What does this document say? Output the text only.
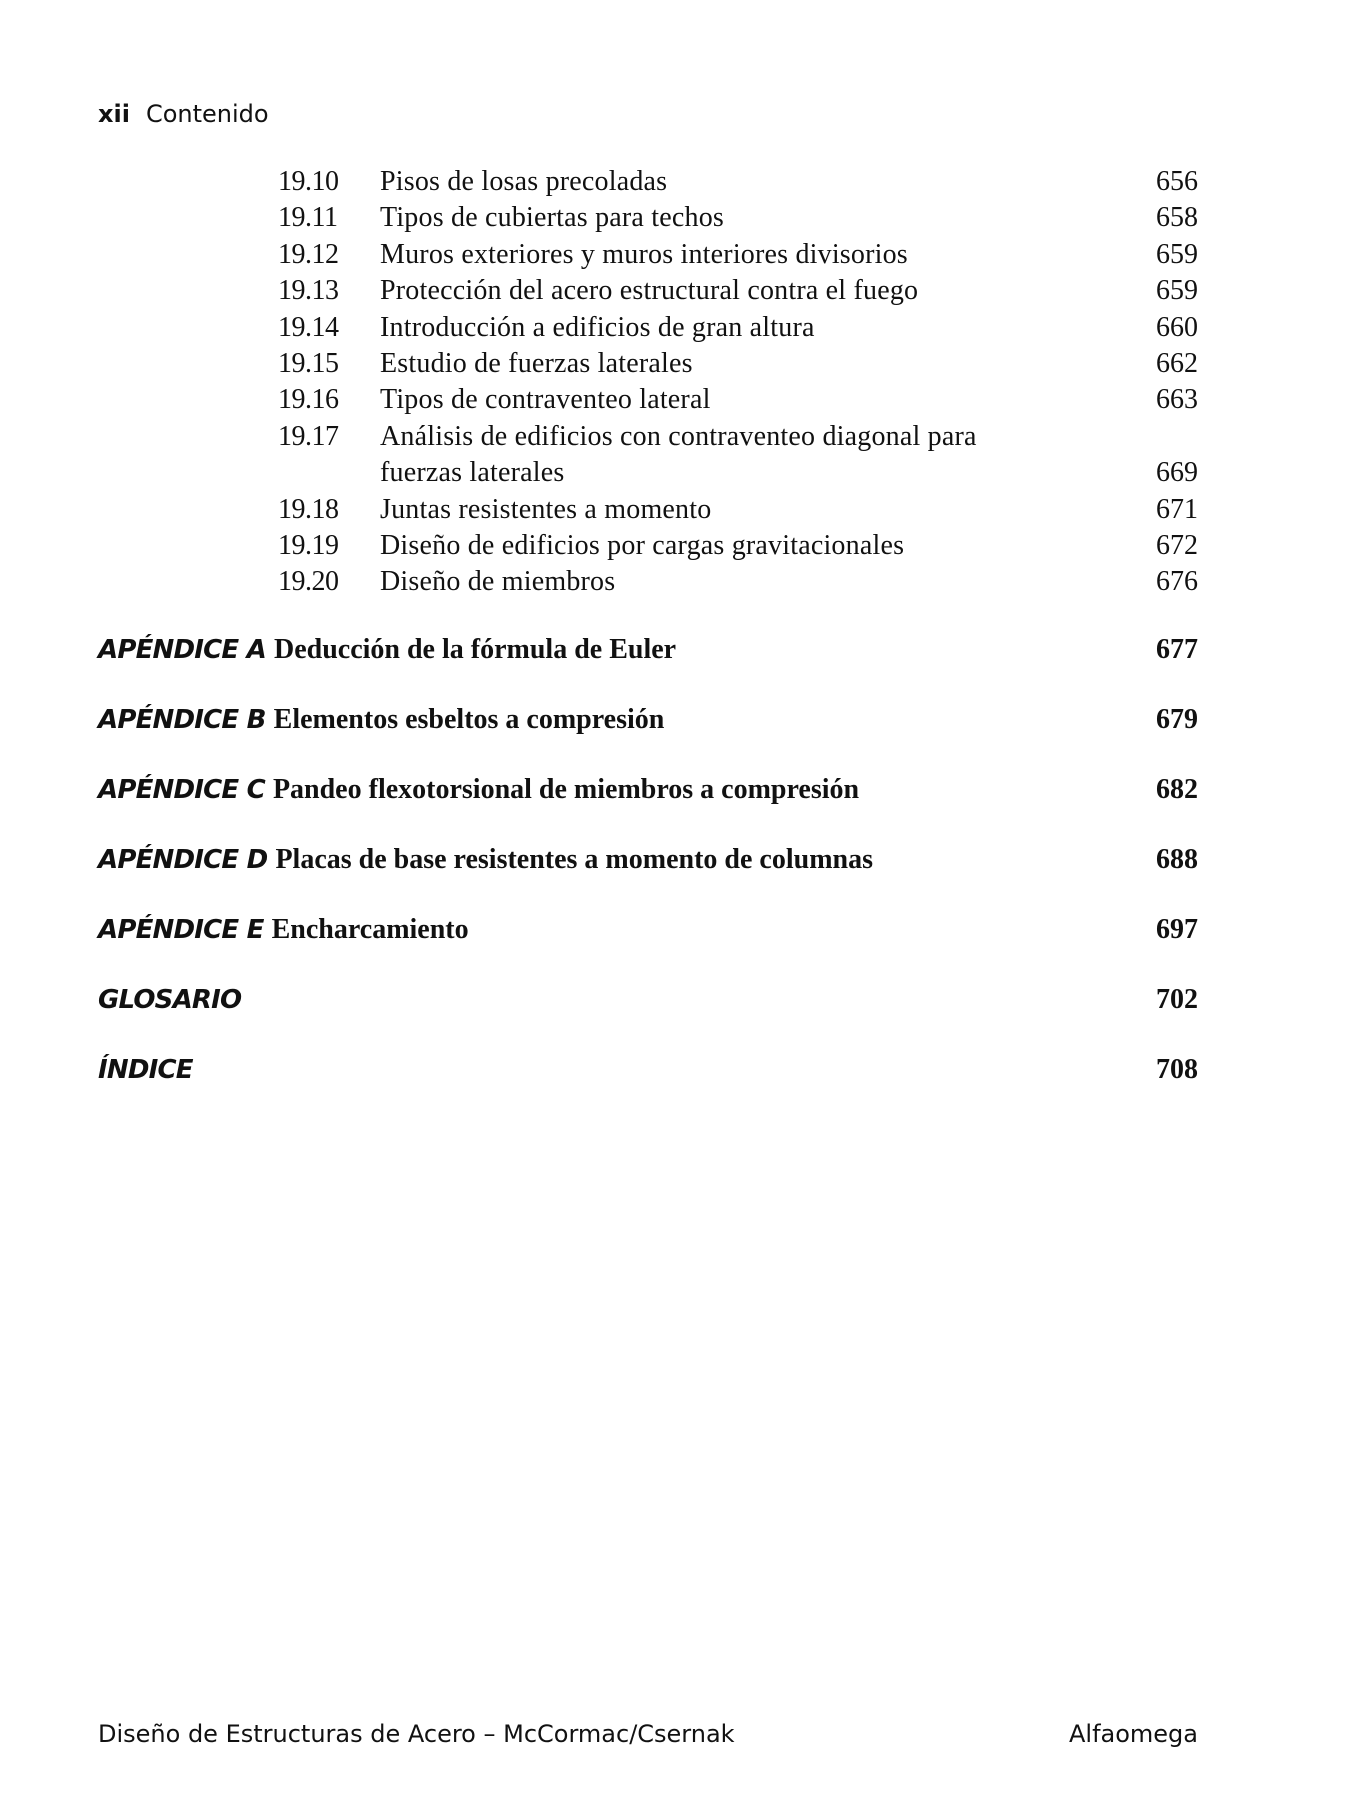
xii Contenido
19.10 Pisos de losas precoladas	656
19.11 Tipos de cubiertas para techos	658
19.12 Muros exteriores y muros interiores divisorios	659
19.13 Protección del acero estructural contra el fuego	659
19.14 Introducción a edificios de gran altura	660
19.15 Estudio de fuerzas laterales	662
19.16 Tipos de contraventeo lateral	663
19.17 Análisis de edificios con contraventeo diagonal para fuerzas laterales	669
19.18 Juntas resistentes a momento	671
19.19 Diseño de edificios por cargas gravitacionales	672
19.20 Diseño de miembros	676
APÉNDICE A Deducción de la fórmula de Euler	677
APÉNDICE B Elementos esbeltos a compresión	679
APÉNDICE C Pandeo flexotorsional de miembros a compresión	682
APÉNDICE D Placas de base resistentes a momento de columnas	688
APÉNDICE E Encharcamiento	697
GLOSARIO	702
ÍNDICE	708
Diseño de Estructuras de Acero – McCormac/Csernak	Alfaomega
